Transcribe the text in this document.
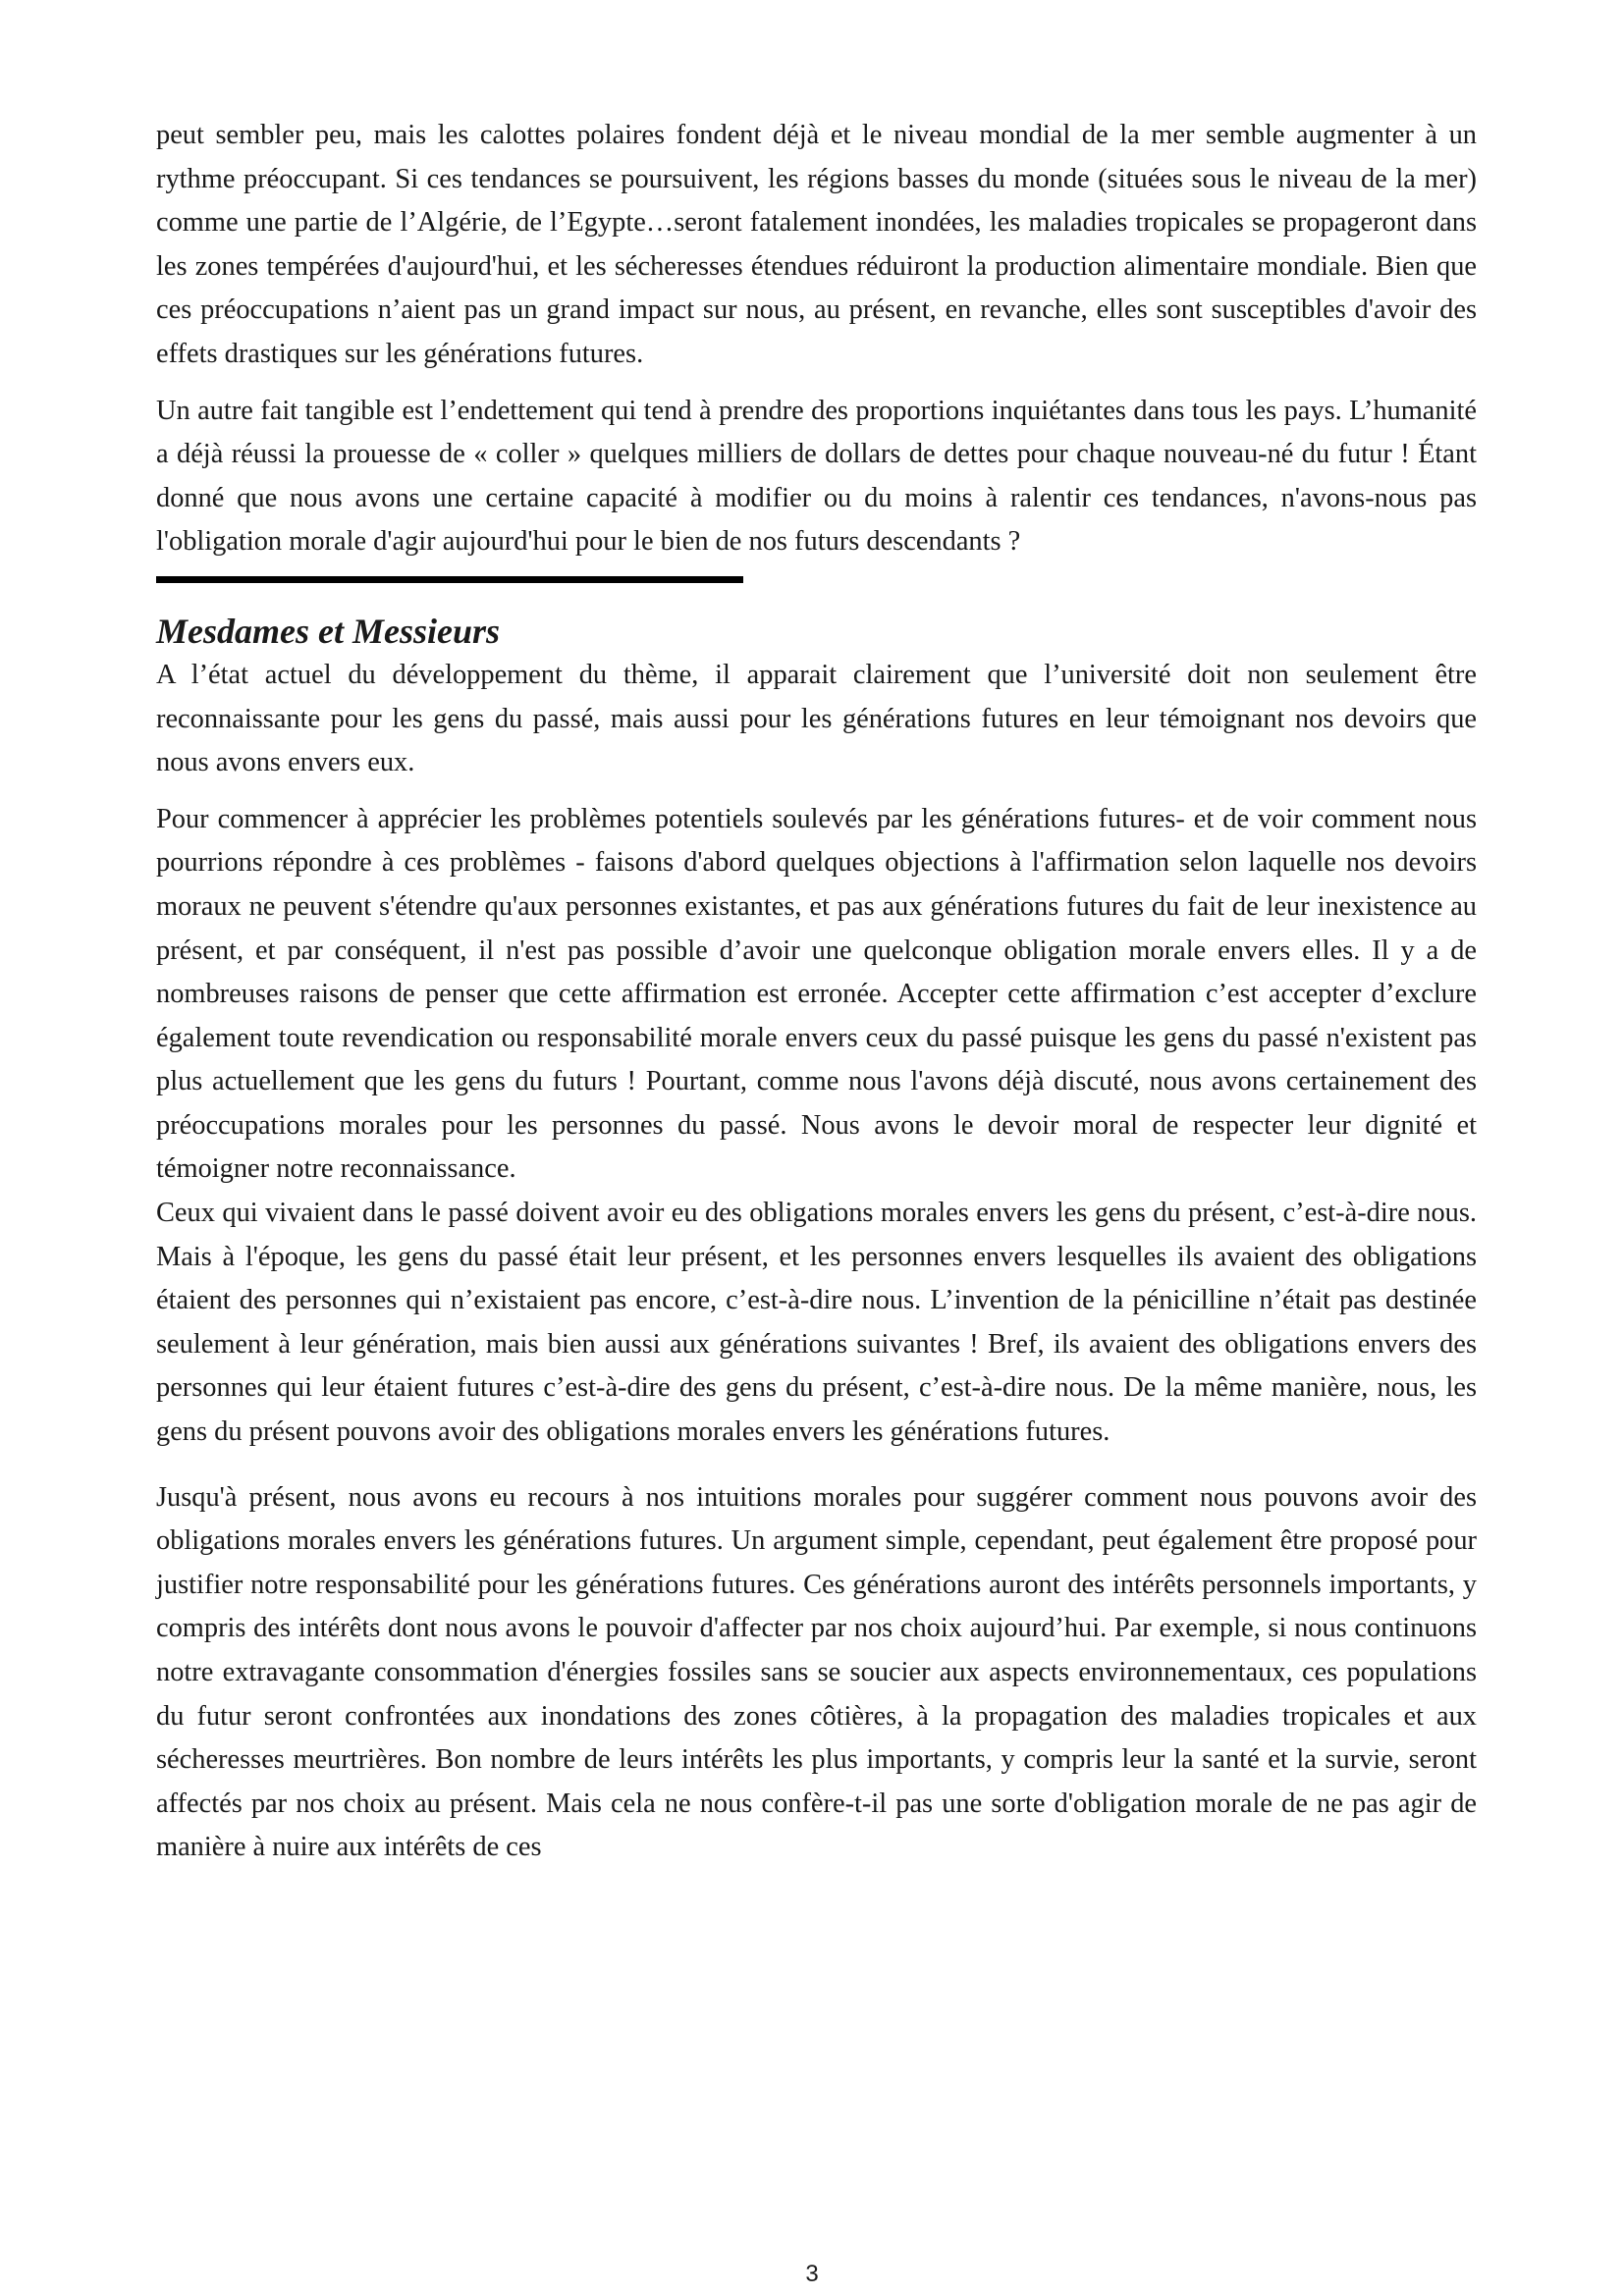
peut sembler peu, mais les calottes polaires fondent déjà et le niveau mondial de la mer semble augmenter à un rythme préoccupant. Si ces tendances se poursuivent, les régions basses du monde (situées sous le niveau de la mer) comme une partie de l’Algérie, de l’Egypte…seront fatalement inondées, les maladies tropicales se propageront dans les zones tempérées d'aujourd'hui, et les sécheresses étendues réduiront la production alimentaire mondiale. Bien que ces préoccupations n’aient pas un grand impact sur nous, au présent, en revanche, elles sont susceptibles d'avoir des effets drastiques sur les générations futures.

Un autre fait tangible est l’endettement qui tend à prendre des proportions inquiétantes dans tous les pays. L’humanité a déjà réussi la prouesse de « coller » quelques milliers de dollars de dettes pour chaque nouveau-né du futur ! Étant donné que nous avons une certaine capacité à modifier ou du moins à ralentir ces tendances, n'avons-nous pas l'obligation morale d'agir aujourd'hui pour le bien de nos futurs descendants ?

Mesdames et Messieurs

A l’état actuel du développement du thème, il apparait clairement que l’université doit non seulement être reconnaissante pour les gens du passé, mais aussi pour les générations futures en leur témoignant nos devoirs que nous avons envers eux.

Pour commencer à apprécier les problèmes potentiels soulevés par les générations futures- et de voir comment nous pourrions répondre à ces problèmes - faisons d'abord quelques objections à l'affirmation selon laquelle nos devoirs moraux ne peuvent s'étendre qu'aux personnes existantes, et pas aux générations futures du fait de leur inexistence au présent, et par conséquent, il n'est pas possible d’avoir une quelconque obligation morale envers elles. Il y a de nombreuses raisons de penser que cette affirmation est erronée. Accepter cette affirmation c’est accepter d’exclure également toute revendication ou responsabilité morale envers ceux du passé puisque les gens du passé n'existent pas plus actuellement que les gens du futurs ! Pourtant, comme nous l'avons déjà discuté, nous avons certainement des préoccupations morales pour les personnes du passé. Nous avons le devoir moral de respecter leur dignité et témoigner notre reconnaissance.

Ceux qui vivaient dans le passé doivent avoir eu des obligations morales envers les gens du présent, c’est-à-dire nous. Mais à l'époque, les gens du passé était leur présent, et les personnes envers lesquelles ils avaient des obligations étaient des personnes qui n’existaient pas encore, c’est-à-dire nous. L’invention de la pénicilline n’était pas destinée seulement à leur génération, mais bien aussi aux générations suivantes ! Bref, ils avaient des obligations envers des personnes qui leur étaient futures c’est-à-dire des gens du présent, c’est-à-dire nous. De la même manière, nous, les gens du présent pouvons avoir des obligations morales envers les générations futures.

Jusqu'à présent, nous avons eu recours à nos intuitions morales pour suggérer comment nous pouvons avoir des obligations morales envers les générations futures. Un argument simple, cependant, peut également être proposé pour justifier notre responsabilité pour les générations futures. Ces générations auront des intérêts personnels importants, y compris des intérêts dont nous avons le pouvoir d'affecter par nos choix aujourd’hui. Par exemple, si nous continuons notre extravagante consommation d'énergies fossiles sans se soucier aux aspects environnementaux, ces populations du futur seront confrontées aux inondations des zones côtières, à la propagation des maladies tropicales et aux sécheresses meurtrières. Bon nombre de leurs intérêts les plus importants, y compris leur la santé et la survie, seront affectés par nos choix au présent. Mais cela ne nous confère-t-il pas une sorte d'obligation morale de ne pas agir de manière à nuire aux intérêts de ces

3
